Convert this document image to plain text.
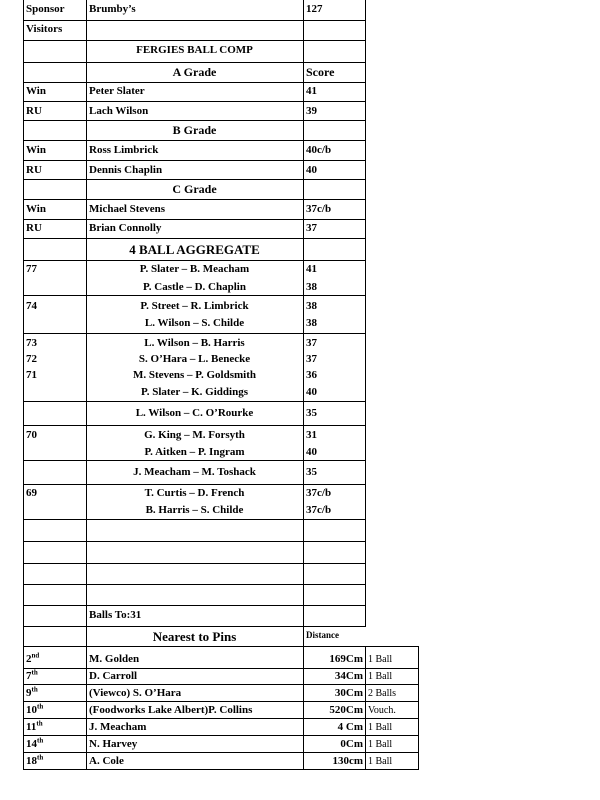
Sponsor Brumby’s	127
Visitors
FERGIES BALL COMP
A Grade	Score
Win	Peter Slater	41
RU	Lach Wilson	39
B Grade
Win	Ross Limbrick	40c/b
RU	Dennis Chaplin	40
C Grade
Win	Michael Stevens	37c/b
RU	Brian Connolly	37
4 BALL AGGREGATE
77	P. Slater – B. Meacham	41
P. Castle – D. Chaplin	38
74	P. Street – R. Limbrick	38
L. Wilson – S. Childe	38
73	L. Wilson – B. Harris	37
72	S. O’Hara – L. Benecke	37
71	M. Stevens – P. Goldsmith	36
P. Slater – K. Giddings	40
L. Wilson – C. O’Rourke	35
70	G. King – M. Forsyth	31
P. Aitken – P. Ingram	40
J. Meacham – M. Toshack	35
69	T. Curtis – D. French	37c/b
B. Harris – S. Childe	37c/b
Balls To:31
Nearest to Pins	Distance
2nd	M. Golden	169Cm 1 Ball
7th	D. Carroll	34Cm 1 Ball
9th	(Viewco) S. O’Hara	30Cm 2 Balls
10th	(Foodworks Lake Albert)P. Collins	520Cm Vouch.
11th	J. Meacham	4 Cm 1 Ball
14th	N. Harvey	0Cm 1 Ball
18th	A. Cole	130cm 1 Ball
